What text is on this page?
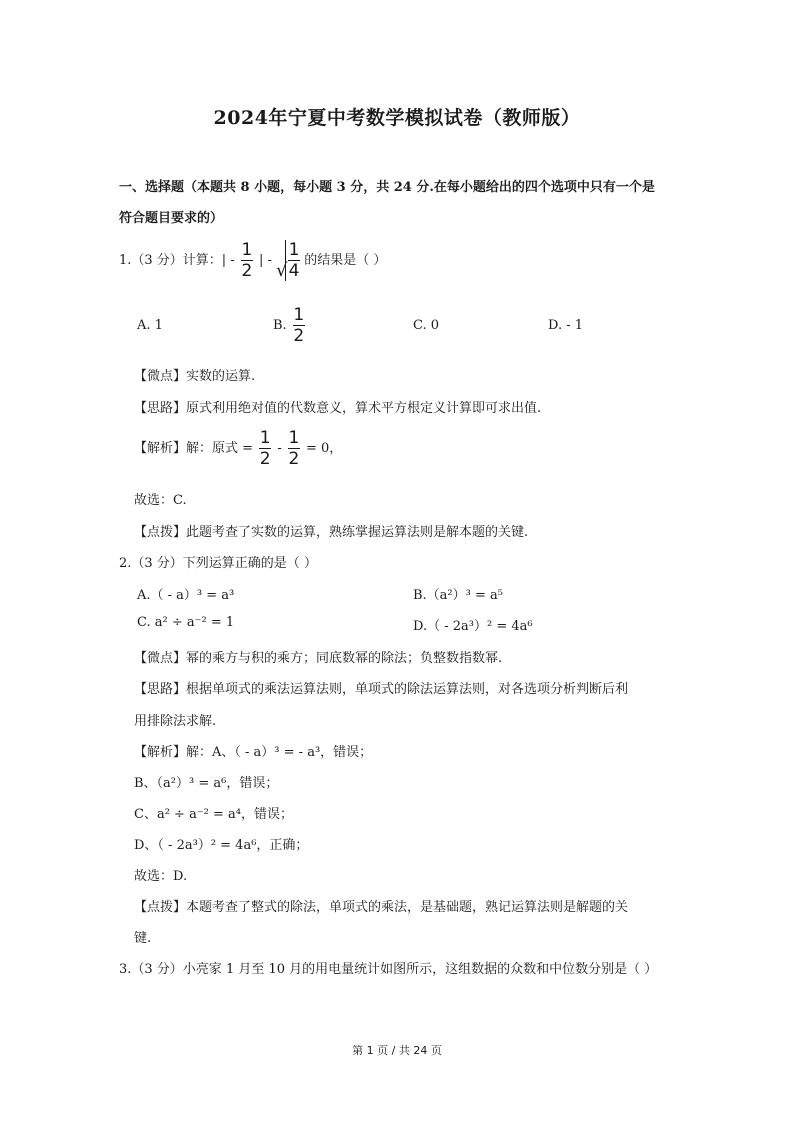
2024年宁夏中考数学模拟试卷（教师版）
一、选择题（本题共 8 小题，每小题 3 分，共 24 分.在每小题给出的四个选项中只有一个是
符合题目要求的）
1.（3 分）计算：| - $\frac{1}{2}$ | - √ $\frac{1}{4}$ 的结果是（ ）
A. 1	B. $\frac{1}{2}$	C. 0	D. - 1
【微点】实数的运算.
【思路】原式利用绝对值的代数意义，算术平方根定义计算即可求出值.
【解析】解：原式 = $\frac{1}{2} - \frac{1}{2} = 0$，
故选：C.
【点拨】此题考查了实数的运算，熟练掌握运算法则是解本题的关键.
2.（3 分）下列运算正确的是（ ）
A.（ - a）³ = a³	B.（a²）³ = a⁵
C. a² ÷ a⁻² = 1	D.（ - 2a³）² = 4a⁶
【微点】幂的乘方与积的乘方；同底数幂的除法；负整数指数幂.
【思路】根据单项式的乘法运算法则，单项式的除法运算法则，对各选项分析判断后利
用排除法求解.
【解析】解：A、（ - a）³ = - a³，错误；
B、（a²）³ = a⁶，错误；
C、a² ÷ a⁻² = a⁴，错误；
D、（ - 2a³）² = 4a⁶，正确；
故选：D.
【点拨】本题考查了整式的除法，单项式的乘法，是基础题，熟记运算法则是解题的关
键.
3.（3 分）小亮家 1 月至 10 月的用电量统计如图所示，这组数据的众数和中位数分别是（ ）
第 1 页 / 共 24 页
